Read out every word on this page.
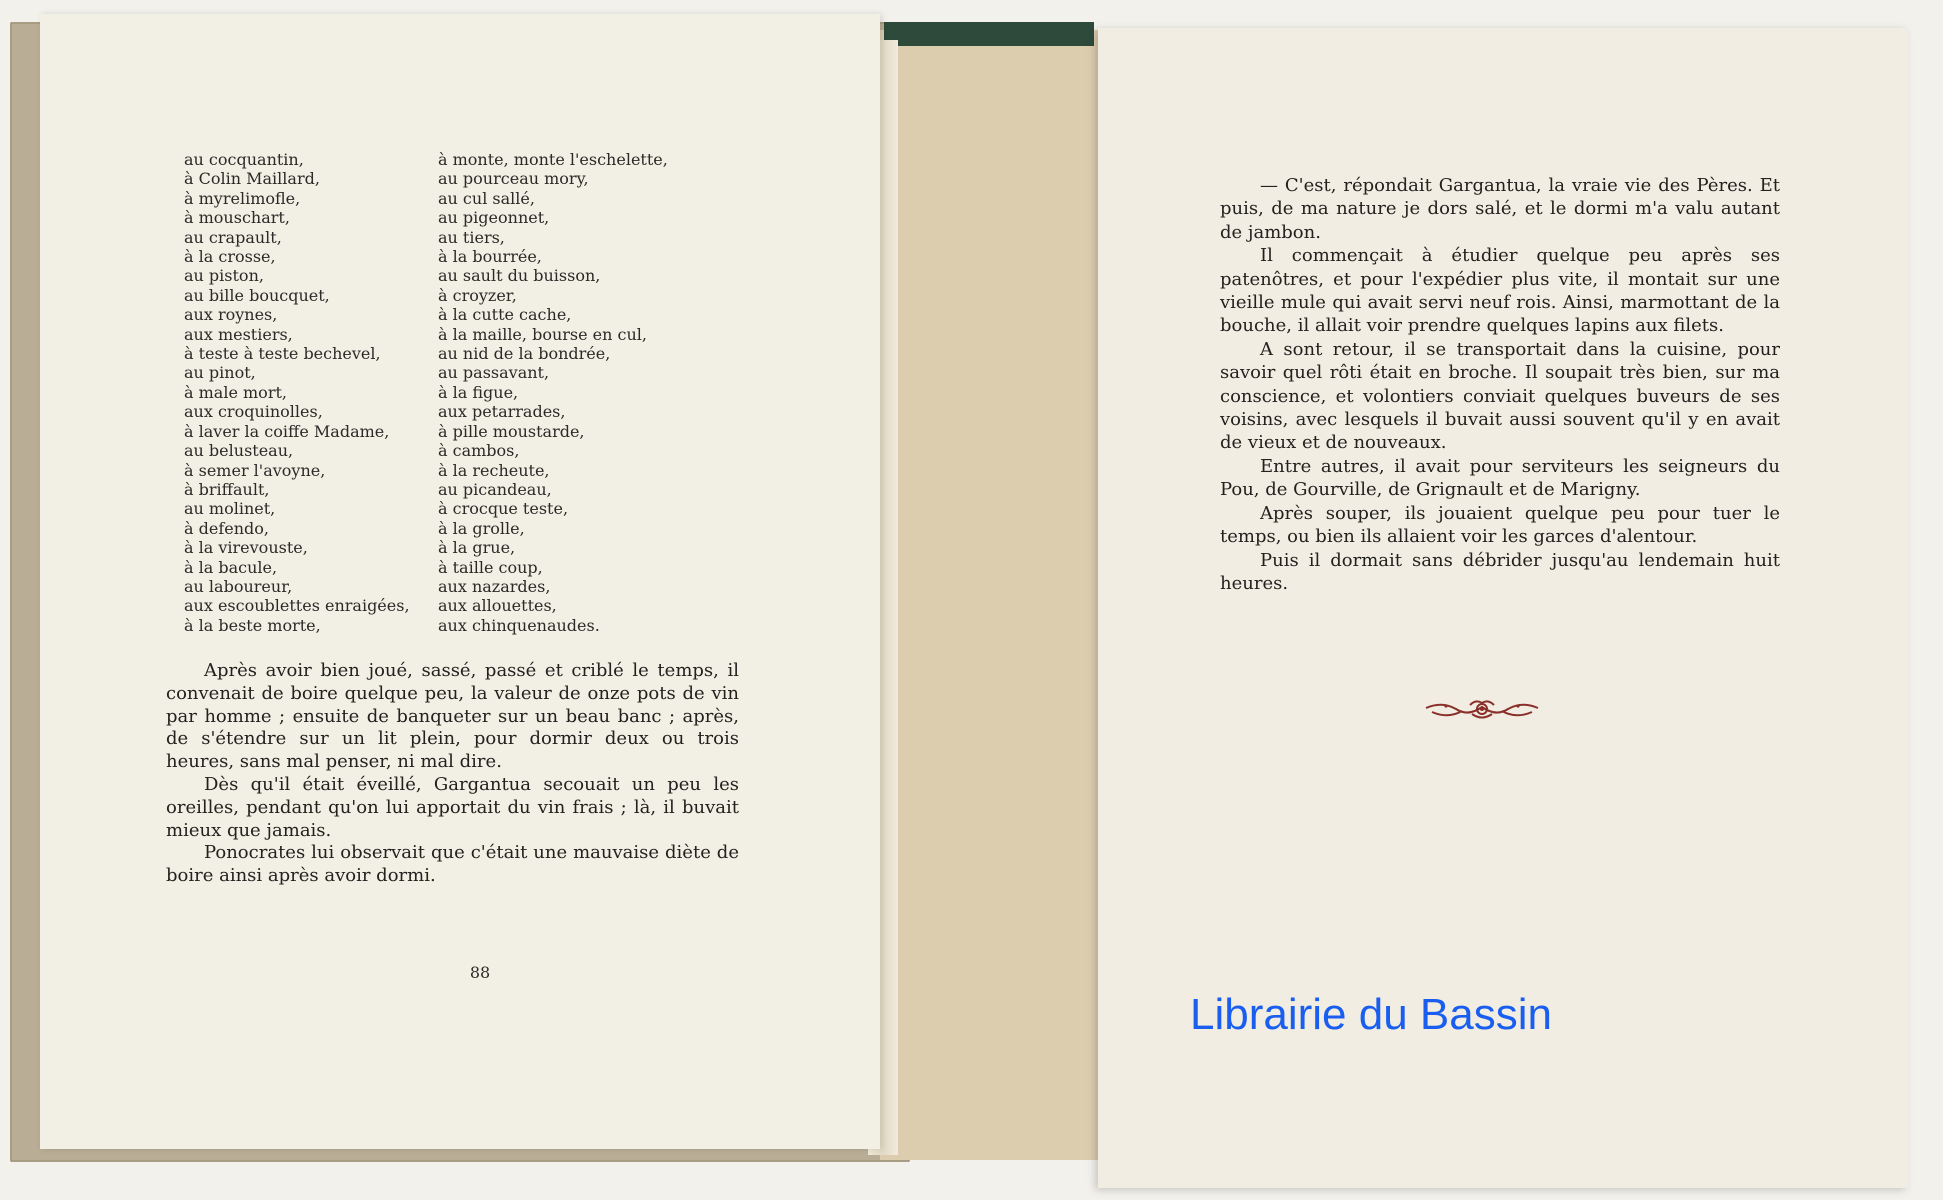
au cocquantin,
à Colin Maillard,
à myrelimofle,
à mouschart,
au crapault,
à la crosse,
au piston,
au bille boucquet,
aux roynes,
aux mestiers,
à teste à teste bechevel,
au pinot,
à male mort,
aux croquinolles,
à laver la coiffe Madame,
au belusteau,
à semer l'avoyne,
à briffault,
au molinet,
à defendo,
à la virevouste,
à la bacule,
au laboureur,
aux escoublettes enraigées,
à la beste morte,
à monte, monte l'eschelette,
au pourceau mory,
au cul sallé,
au pigeonnet,
au tiers,
à la bourrée,
au sault du buisson,
à croyzer,
à la cutte cache,
à la maille, bourse en cul,
au nid de la bondrée,
au passavant,
à la figue,
aux petarrades,
à pille moustarde,
à cambos,
à la recheute,
au picandeau,
à crocque teste,
à la grolle,
à la grue,
à taille coup,
aux nazardes,
aux allouettes,
aux chinquenaudes.

Après avoir bien joué, sassé, passé et criblé le temps, il convenait de boire quelque peu, la valeur de onze pots de vin par homme ; ensuite de banqueter sur un beau banc ; après, de s'étendre sur un lit plein, pour dormir deux ou trois heures, sans mal penser, ni mal dire.

Dès qu'il était éveillé, Gargantua secouait un peu les oreilles, pendant qu'on lui apportait du vin frais ; là, il buvait mieux que jamais.

Ponocrates lui observait que c'était une mauvaise diète de boire ainsi après avoir dormi.

88

— C'est, répondait Gargantua, la vraie vie des Pères. Et puis, de ma nature je dors salé, et le dormi m'a valu autant de jambon.

Il commençait à étudier quelque peu après ses patenôtres, et pour l'expédier plus vite, il montait sur une vieille mule qui avait servi neuf rois. Ainsi, marmottant de la bouche, il allait voir prendre quelques lapins aux filets.

A sont retour, il se transportait dans la cuisine, pour savoir quel rôti était en broche. Il soupait très bien, sur ma conscience, et volontiers conviait quelques buveurs de ses voisins, avec lesquels il buvait aussi souvent qu'il y en avait de vieux et de nouveaux.

Entre autres, il avait pour serviteurs les seigneurs du Pou, de Gourville, de Grignault et de Marigny.

Après souper, ils jouaient quelque peu pour tuer le temps, ou bien ils allaient voir les garces d'alentour.

Puis il dormait sans débrider jusqu'au lendemain huit heures.

Librairie du Bassin
